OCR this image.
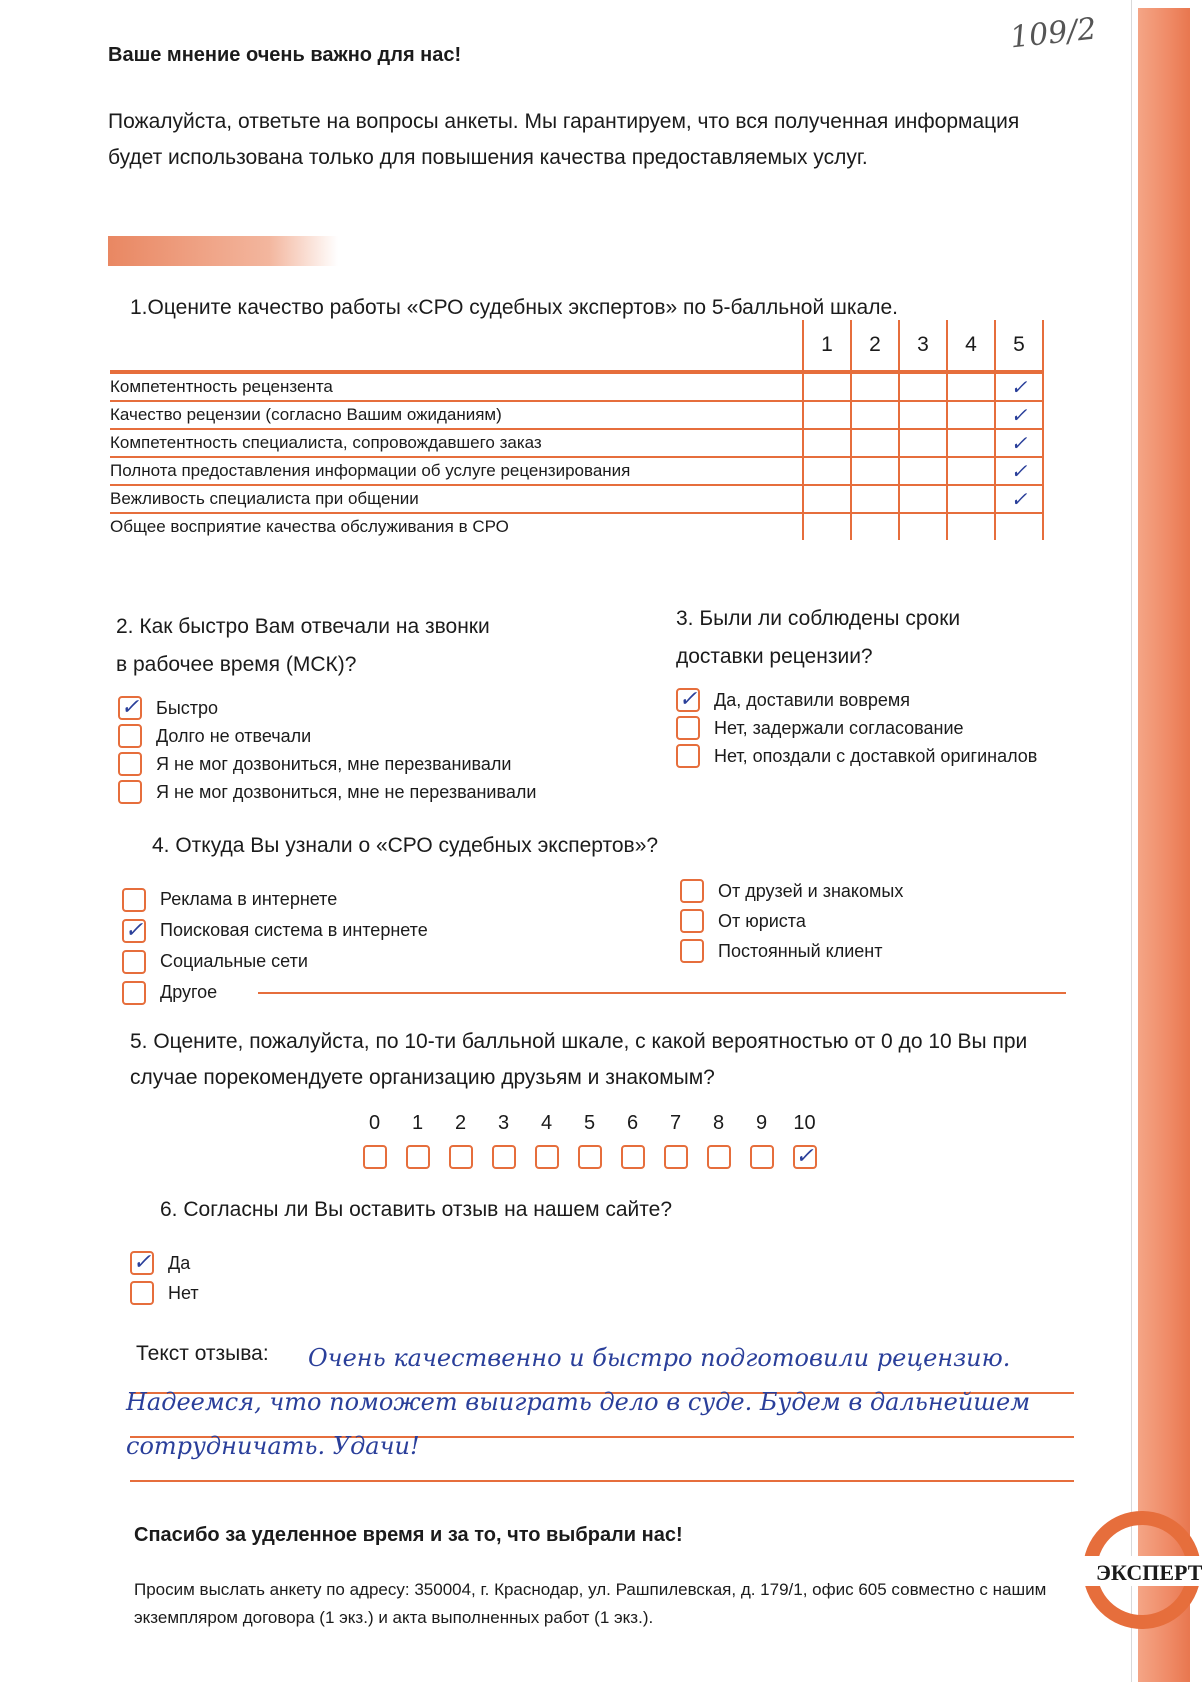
109/2
Ваше мнение очень важно для нас!
Пожалуйста, ответьте на вопросы анкеты. Мы гарантируем, что вся полученная информация будет использована только для повышения качества предоставляемых услуг.
1.Оцените качество работы «СРО судебных экспертов» по 5-балльной шкале.
	1	2	3	4	5
Компетентность рецензента					✓
Качество рецензии (согласно Вашим ожиданиям)					✓
Компетентность специалиста, сопровождавшего заказ					✓
Полнота предоставления информации об услуге рецензирования					✓
Вежливость специалиста при общении					✓
Общее восприятие качества обслуживания в СРО					
2. Как быстро Вам отвечали на звонки
в рабочее время (МСК)?
✓ Быстро
Долго не отвечали
Я не мог дозвониться, мне перезванивали
Я не мог дозвониться, мне не перезванивали
3. Были ли соблюдены сроки
доставки рецензии?
✓ Да, доставили вовремя
Нет, задержали согласование
Нет, опоздали с доставкой оригиналов
4. Откуда Вы узнали о «СРО судебных экспертов»?
Реклама в интернете
✓ Поисковая система в интернете
Социальные сети
Другое
От друзей и знакомых
От юриста
Постоянный клиент
5. Оцените, пожалуйста, по 10-ти балльной шкале, с какой вероятностью от 0 до 10 Вы при случае порекомендуете организацию друзьям и знакомым?
0 1 2 3 4 5 6 7 8 9 10
✓
6. Согласны ли Вы оставить отзыв на нашем сайте?
✓ Да
Нет
Текст отзыва:	Очень качественно и быстро подготовили рецензию. Надеемся, что поможет выиграть дело в суде. Будем в дальнейшем сотрудничать. Удачи!
Спасибо за уделенное время и за то, что выбрали нас!
Просим выслать анкету по адресу: 350004, г. Краснодар, ул. Рашпилевская, д. 179/1, офис 605 совместно с нашим экземпляром договора (1 экз.) и акта выполненных работ (1 экз.).
ЭКСПЕРТ
